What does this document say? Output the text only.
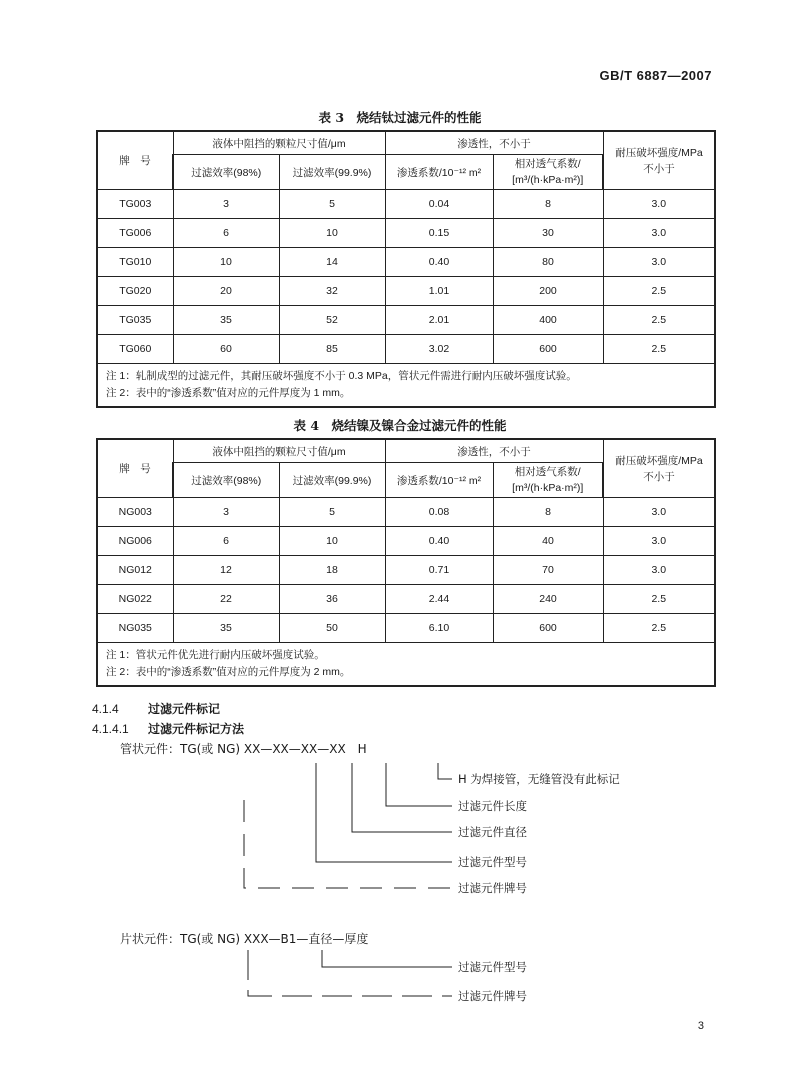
GB/T 6887—2007
表 3　烧结钛过滤元件的性能
牌　号	液体中阻挡的颗粒尺寸值/μm		渗透性，不小于		耐压破坏强度/MPa
不小于

	过滤效率(98%)	过滤效率(99.9%)	渗透系数/10⁻¹² m²	相对透气系数/
[m³/(h·kPa·m²)]	

TG003	3	5	0.04	8	3.0
TG006	6	10	0.15	30	3.0
TG010	10	14	0.40	80	3.0
TG020	20	32	1.01	200	2.5
TG035	35	52	2.01	400	2.5
TG060	60	85	3.02	600	2.5

注 1：轧制成型的过滤元件，其耐压破坏强度不小于 0.3 MPa，管状元件需进行耐内压破坏强度试验。
注 2：表中的“渗透系数”值对应的元件厚度为 1 mm。					
表 4　烧结镍及镍合金过滤元件的性能
牌　号	液体中阻挡的颗粒尺寸值/μm		渗透性，不小于		耐压破坏强度/MPa
不小于

	过滤效率(98%)	过滤效率(99.9%)	渗透系数/10⁻¹² m²	相对透气系数/
[m³/(h·kPa·m²)]	

NG003	3	5	0.08	8	3.0
NG006	6	10	0.40	40	3.0
NG012	12	18	0.71	70	3.0
NG022	22	36	2.44	240	2.5
NG035	35	50	6.10	600	2.5

注 1：管状元件优先进行耐内压破坏强度试验。
注 2：表中的“渗透系数”值对应的元件厚度为 2 mm。					
4.1.4 过滤元件标记
4.1.4.1 过滤元件标记方法
管状元件：TG(或 NG) XX—XX—XX—XX　H
H 为焊接管，无缝管没有此标记
过滤元件长度
过滤元件直径
过滤元件型号
过滤元件牌号
片状元件：TG(或 NG) XXX—B1—直径—厚度
过滤元件型号
过滤元件牌号
3
